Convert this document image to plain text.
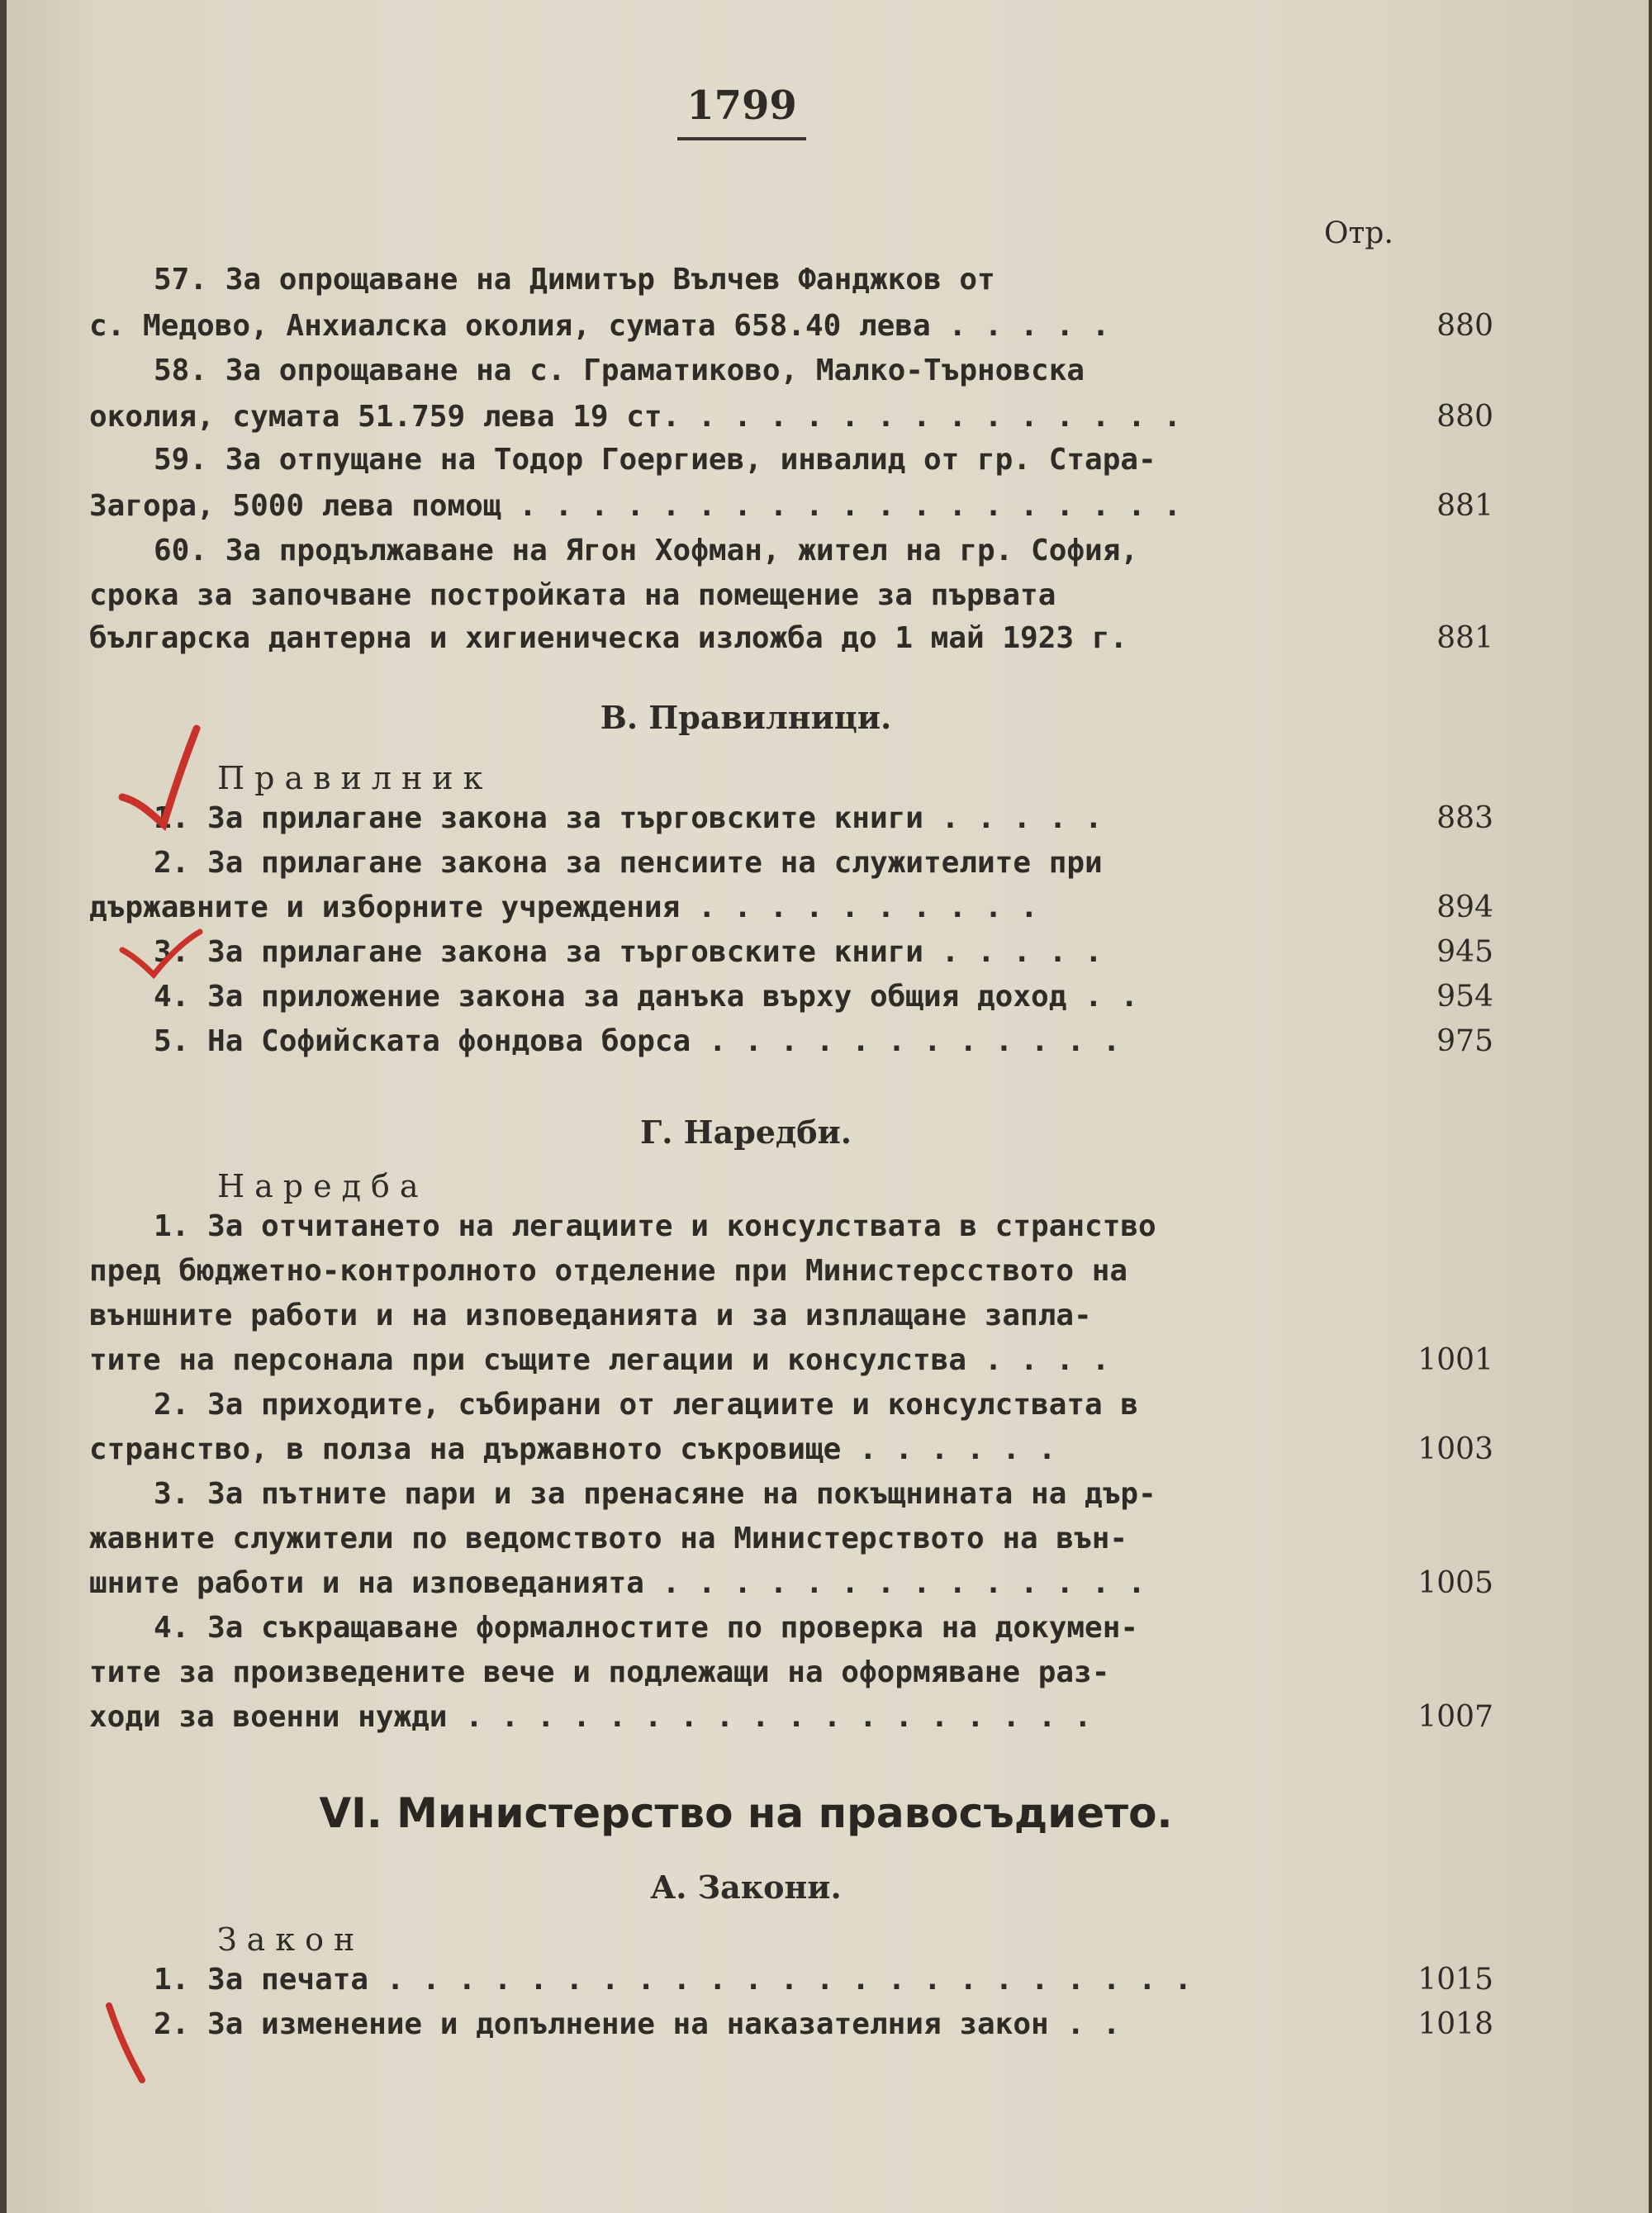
1799
Отр.
57. За опрощаване на Димитър Вълчев Фанджков от
с. Медово, Анхиалска околия, сумата 658.40 лева . . . . .	880
58. За опрощаване на с. Граматиково, Малко-Търновска
околия, сумата 51.759 лева 19 ст. . . . . . . . . . . . . . .	880
59. За отпущане на Тодор Гоергиев, инвалид от гр. Стара-
Загора, 5000 лева помощ . . . . . . . . . . . . . . . . . . .	881
60. За продължаване на Ягон Хофман, жител на гр. София,
срока за започване постройката на помещение за първата
българска дантерна и хигиеническа изложба до 1 май 1923 г.	881
В. Правилници.
Правилник
1. За прилагане закона за търговските книги . . . . .	883
2. За прилагане закона за пенсиите на служителите при
държавните и изборните учреждения . . . . . . . . . .	894
3. За прилагане закона за търговските книги . . . . .	945
4. За приложение закона за данъка върху общия доход . .	954
5. На Софийската фондова борса . . . . . . . . . . . .	975
Г. Наредби.
Наредба
1. За отчитането на легациите и консулствата в странство
пред бюджетно-контролното отделение при Министерсството на
външните работи и на изповеданията и за изплащане запла-
тите на персонала при същите легации и консулства . . . .	1001
2. За приходите, събирани от легациите и консулствата в
странство, в полза на държавното съкровище . . . . . .	1003
3. За пътните пари и за пренасяне на покъщнината на дър-
жавните служители по ведомството на Министерството на вън-
шните работи и на изповеданията . . . . . . . . . . . . . .	1005
4. За съкращаване формалностите по проверка на докумен-
тите за произведените вече и подлежащи на оформяване раз-
ходи за военни нужди . . . . . . . . . . . . . . . . . .	1007
VI. Министерство на правосъдието.
А. Закони.
Закон
1. За печата . . . . . . . . . . . . . . . . . . . . . . .	1015
2. За изменение и допълнение на наказателния закон . .	1018
